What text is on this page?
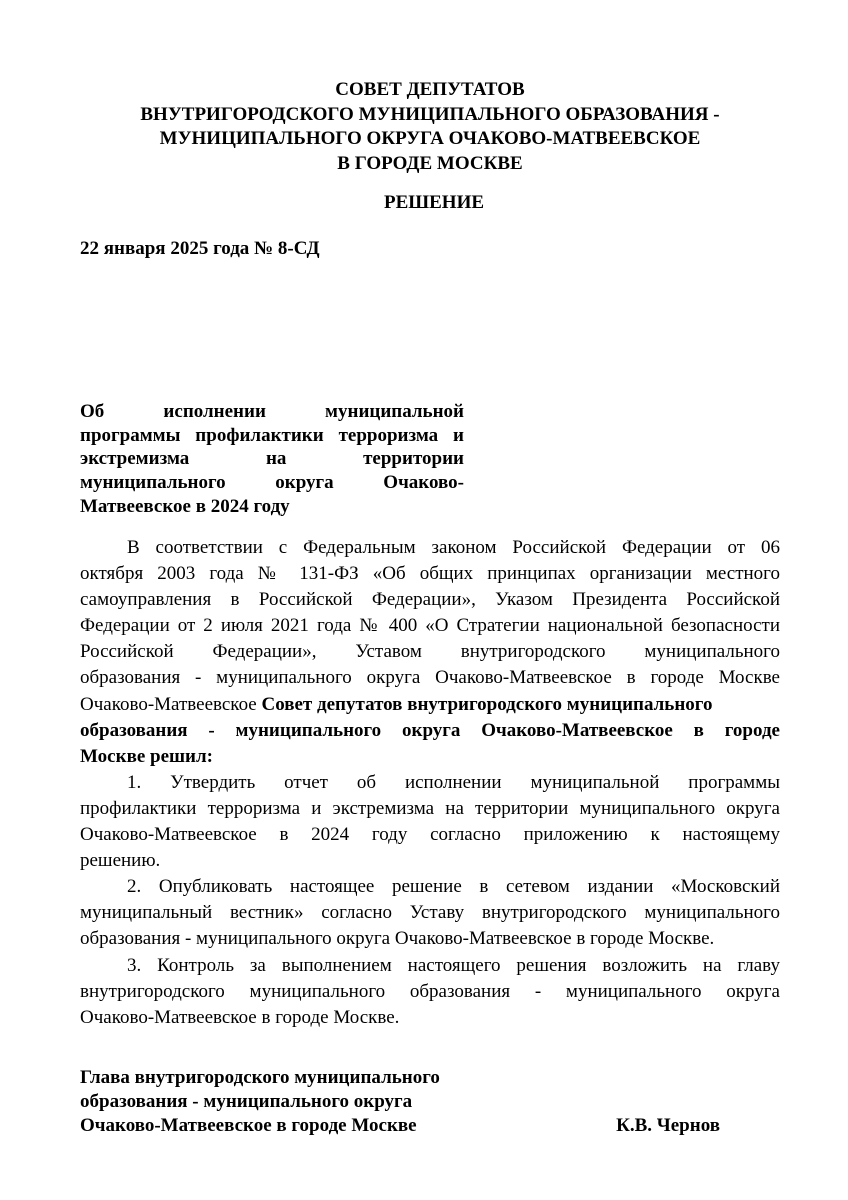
СОВЕТ ДЕПУТАТОВ
ВНУТРИГОРОДСКОГО МУНИЦИПАЛЬНОГО ОБРАЗОВАНИЯ -
МУНИЦИПАЛЬНОГО ОКРУГА ОЧАКОВО-МАТВЕЕВСКОЕ
В ГОРОДЕ МОСКВЕ
РЕШЕНИЕ
22 января 2025 года № 8-СД
Об исполнении муниципальной
программы профилактики терроризма и
экстремизма на территории
муниципального округа Очаково-
Матвеевское в 2024 году
В соответствии с Федеральным законом Российской Федерации от 06
октября 2003 года № 131-ФЗ «Об общих принципах организации местного
самоуправления в Российской Федерации», Указом Президента Российской
Федерации от 2 июля 2021 года № 400 «О Стратегии национальной безопасности
Российской Федерации», Уставом внутригородского муниципального
образования - муниципального округа Очаково-Матвеевское в городе Москве
Очаково-Матвеевское Совет депутатов внутригородского муниципального
образования - муниципального округа Очаково-Матвеевское в городе
Москве решил:
1. Утвердить отчет об исполнении муниципальной программы
профилактики терроризма и экстремизма на территории муниципального округа
Очаково-Матвеевское в 2024 году согласно приложению к настоящему
решению.
2. Опубликовать настоящее решение в сетевом издании «Московский
муниципальный вестник» согласно Уставу внутригородского муниципального
образования - муниципального округа Очаково-Матвеевское в городе Москве.
3. Контроль за выполнением настоящего решения возложить на главу
внутригородского муниципального образования - муниципального округа
Очаково-Матвеевское в городе Москве.
Глава внутригородского муниципального
образования - муниципального округа
Очаково-Матвеевское в городе Москве	К.В. Чернов
